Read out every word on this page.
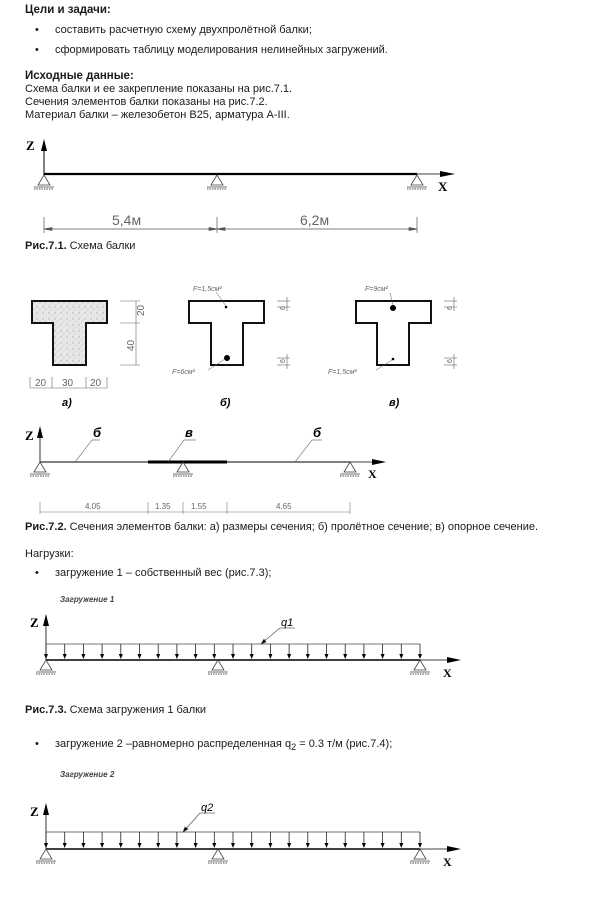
Цели и задачи:
• составить расчетную схему двухпролётной балки;
• сформировать таблицу моделирования нелинейных загружений.
Исходные данные:
Схема балки и ее закрепление показаны на рис.7.1.
Сечения элементов балки показаны на рис.7.2.
Материал балки – железобетон B25, арматура A-III.
Z
X
5,4м	6,2м
Рис.7.1. Схема балки
20
40
20 30 20
а)
F=1,5см²
F=6см²
6
6
б)
F=9см²
F=1,5см²
6
6
в)
Z
X
б	в	б
4.05	1.35	1.55	4.65
Рис.7.2. Сечения элементов балки: а) размеры сечения; б) пролётное сечение; в) опорное сечение.
Нагрузки:
• загружение 1 – собственный вес (рис.7.3);
Загружение 1
Z
X
q1
Рис.7.3. Схема загружения 1 балки
• загружение 2 –равномерно распределенная $q_2 = 0.3$ т/м (рис.7.4);
Загружение 2
Z
X
q2
